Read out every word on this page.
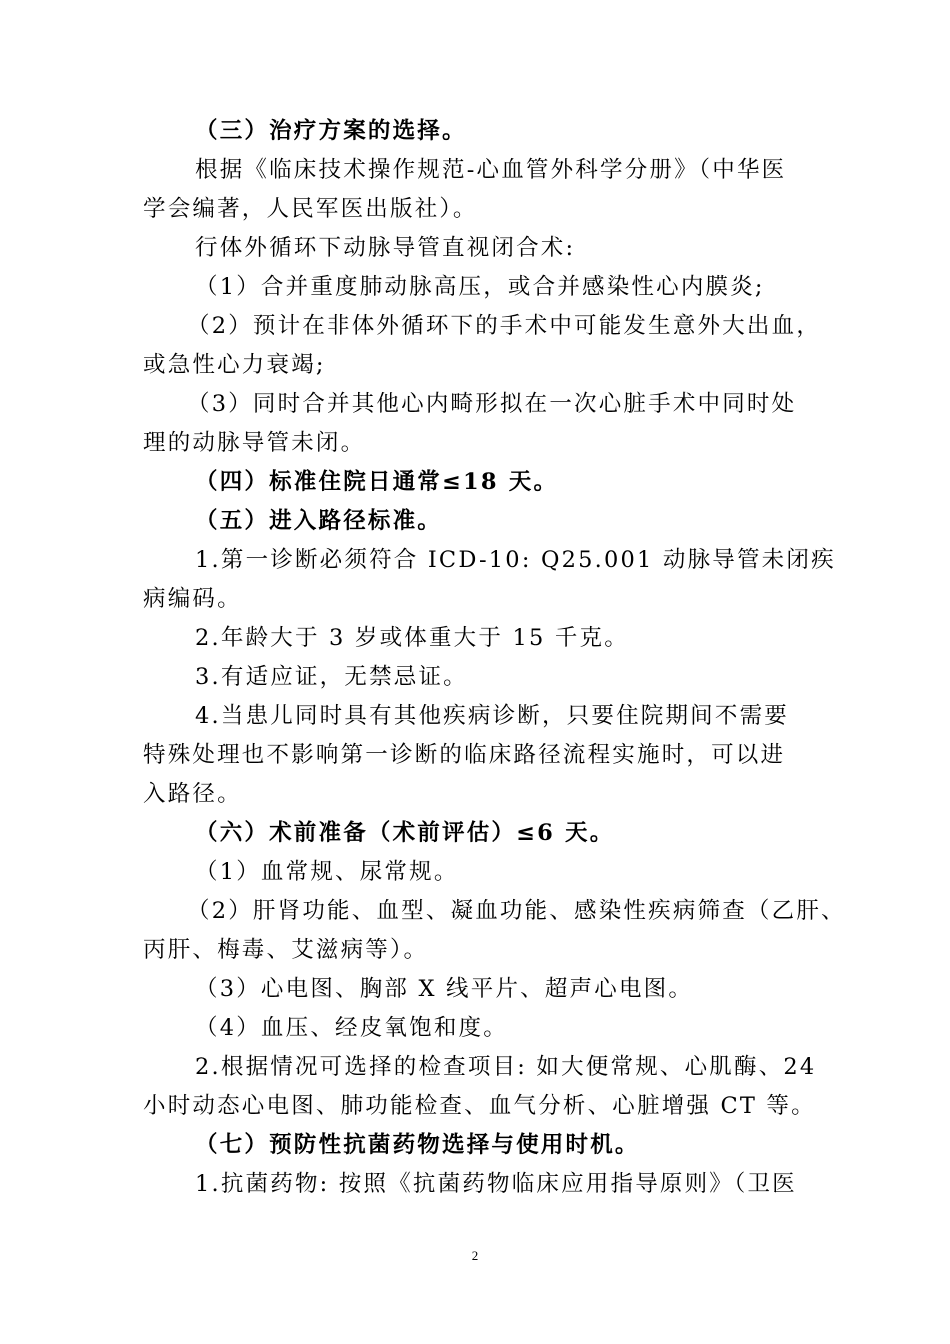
（三）治疗方案的选择。
根据《临床技术操作规范-心血管外科学分册》（中华医
学会编著，人民军医出版社）。
行体外循环下动脉导管直视闭合术:
（1）合并重度肺动脉高压，或合并感染性心内膜炎;
（2）预计在非体外循环下的手术中可能发生意外大出血，
或急性心力衰竭;
（3）同时合并其他心内畸形拟在一次心脏手术中同时处
理的动脉导管未闭。
（四）标准住院日通常≤18 天。
（五）进入路径标准。
1.第一诊断必须符合 ICD-10: Q25.001 动脉导管未闭疾
病编码。
2.年龄大于 3 岁或体重大于 15 千克。
3.有适应证，无禁忌证。
4.当患儿同时具有其他疾病诊断，只要住院期间不需要
特殊处理也不影响第一诊断的临床路径流程实施时，可以进
入路径。
（六）术前准备（术前评估）≤6 天。
（1）血常规、尿常规。
（2）肝肾功能、血型、凝血功能、感染性疾病筛查（乙肝、
丙肝、梅毒、艾滋病等）。
（3）心电图、胸部 X 线平片、超声心电图。
（4）血压、经皮氧饱和度。
2.根据情况可选择的检查项目: 如大便常规、心肌酶、24
小时动态心电图、肺功能检查、血气分析、心脏增强 CT 等。
（七）预防性抗菌药物选择与使用时机。
1.抗菌药物: 按照《抗菌药物临床应用指导原则》（卫医
2
